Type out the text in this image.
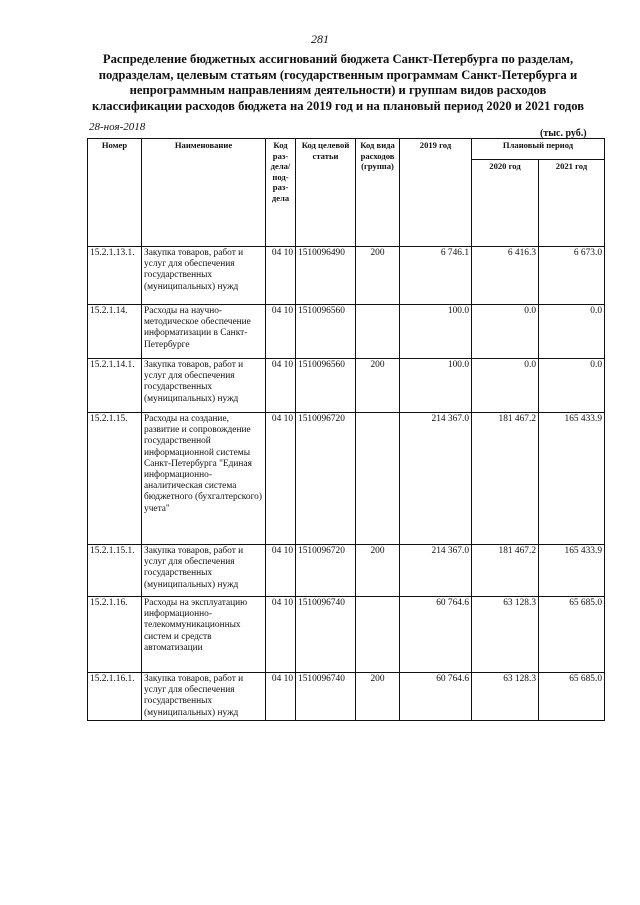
281
Распределение бюджетных ассигнований бюджета Санкт-Петербурга по разделам, подразделам, целевым статьям (государственным программам Санкт-Петербурга и непрограммным направлениям деятельности) и группам видов расходов классификации расходов бюджета на 2019 год и на плановый период 2020 и 2021 годов
28-ноя-2018
(тыс. руб.)
Номер	Наименование	Код раз-дела/ под-раз-дела	Код целевой статьи	Код вида расходов (группа)	2019 год	Плановый период	
						2020 год	2021 год
15.2.1.13.1.	Закупка товаров, работ и услуг для обеспечения государственных (муниципальных) нужд	04 10	1510096490	200	6 746.1	6 416.3	6 673.0
15.2.1.14.	Расходы на научно-методическое обеспечение информатизации в Санкт-Петербурге	04 10	1510096560		100.0	0.0	0.0
15.2.1.14.1.	Закупка товаров, работ и услуг для обеспечения государственных (муниципальных) нужд	04 10	1510096560	200	100.0	0.0	0.0
15.2.1.15.	Расходы на создание, развитие и сопровождение государственной информационной системы Санкт-Петербурга "Единая информационно-аналитическая система бюджетного (бухгалтерского) учета"	04 10	1510096720		214 367.0	181 467.2	165 433.9
15.2.1.15.1.	Закупка товаров, работ и услуг для обеспечения государственных (муниципальных) нужд	04 10	1510096720	200	214 367.0	181 467.2	165 433.9
15.2.1.16.	Расходы на эксплуатацию информационно-телекоммуникационных систем и средств автоматизации	04 10	1510096740		60 764.6	63 128.3	65 685.0
15.2.1.16.1.	Закупка товаров, работ и услуг для обеспечения государственных (муниципальных) нужд	04 10	1510096740	200	60 764.6	63 128.3	65 685.0
